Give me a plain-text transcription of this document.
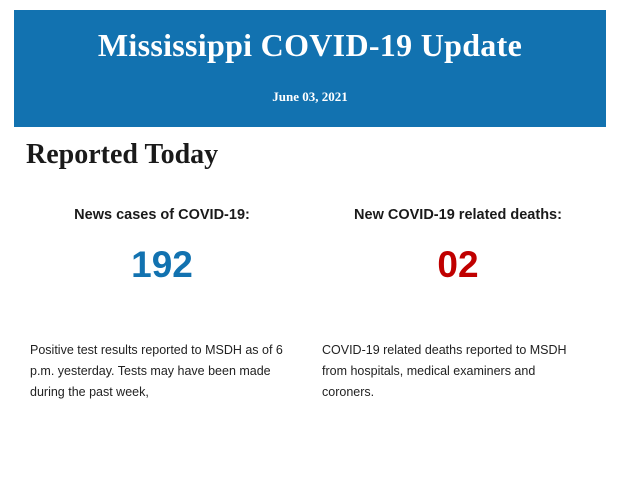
Mississippi COVID-19 Update
June 03, 2021
Reported Today
News cases of COVID-19:
192
New COVID-19 related deaths:
02
Positive test results reported to MSDH as of 6 p.m. yesterday. Tests may have been made during the past week,
COVID-19 related deaths reported to MSDH from hospitals, medical examiners and coroners.
